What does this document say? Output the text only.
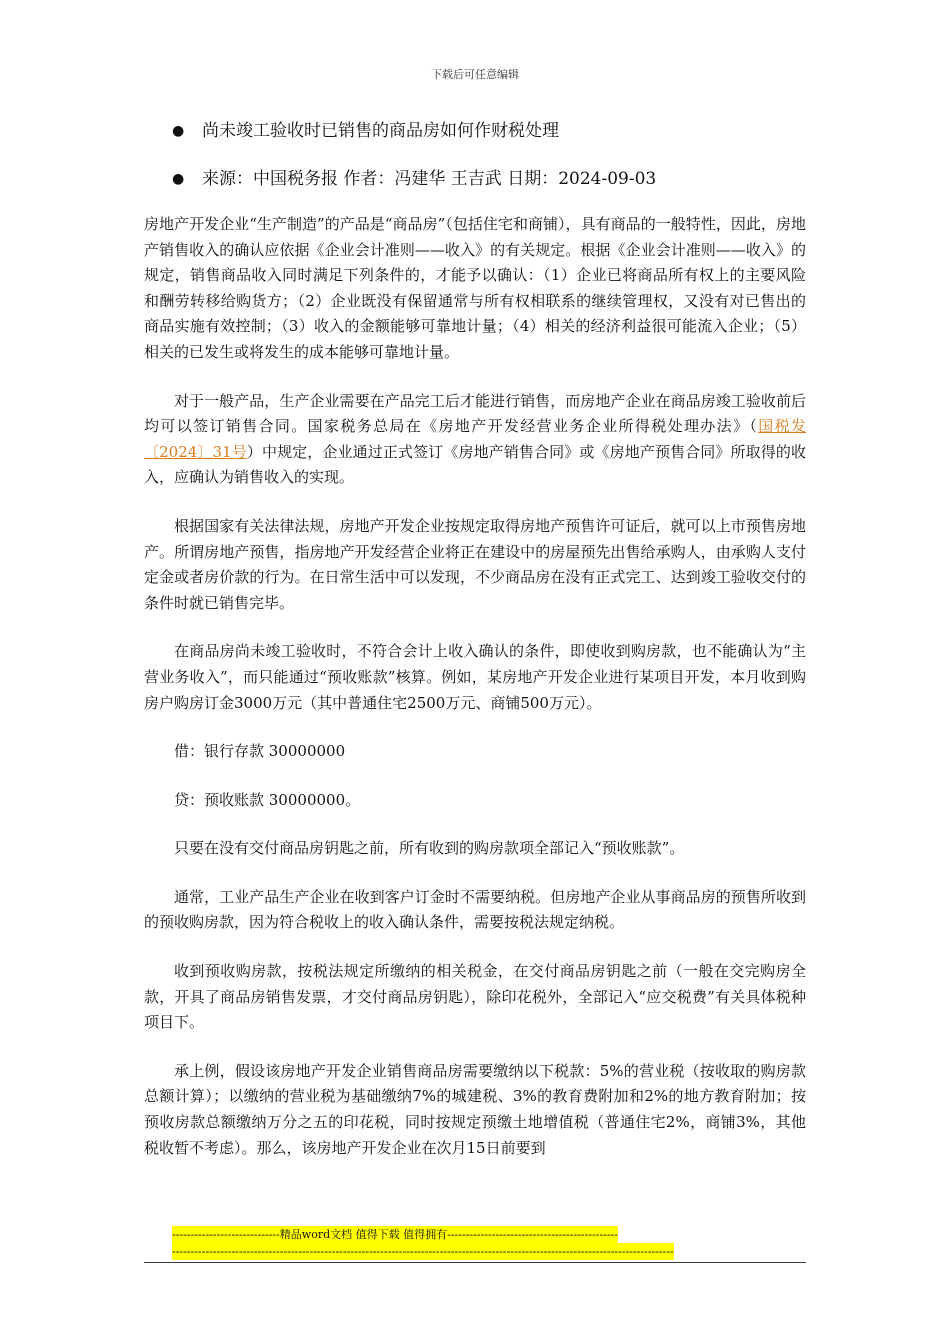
下载后可任意编辑
● 尚未竣工验收时已销售的商品房如何作财税处理
● 来源：中国税务报 作者：冯建华 王吉武 日期：2024-09-03

房地产开发企业“生产制造”的产品是“商品房”（包括住宅和商铺），具有商品的一般特性，因此，房地产销售收入的确认应依据《企业会计准则——收入》的有关规定。根据《企业会计准则——收入》的规定，销售商品收入同时满足下列条件的，才能予以确认：（1）企业已将商品所有权上的主要风险和酬劳转移给购货方；（2）企业既没有保留通常与所有权相联系的继续管理权，又没有对已售出的商品实施有效控制；（3）收入的金额能够可靠地计量；（4）相关的经济利益很可能流入企业；（5）相关的已发生或将发生的成本能够可靠地计量。

对于一般产品，生产企业需要在产品完工后才能进行销售，而房地产企业在商品房竣工验收前后均可以签订销售合同。国家税务总局在《房地产开发经营业务企业所得税处理办法》（国税发〔2024〕31号）中规定，企业通过正式签订《房地产销售合同》或《房地产预售合同》所取得的收入，应确认为销售收入的实现。

根据国家有关法律法规，房地产开发企业按规定取得房地产预售许可证后，就可以上市预售房地产。所谓房地产预售，指房地产开发经营企业将正在建设中的房屋预先出售给承购人，由承购人支付定金或者房价款的行为。在日常生活中可以发现，不少商品房在没有正式完工、达到竣工验收交付的条件时就已销售完毕。

在商品房尚未竣工验收时，不符合会计上收入确认的条件，即使收到购房款，也不能确认为“主营业务收入”，而只能通过“预收账款”核算。例如，某房地产开发企业进行某项目开发，本月收到购房户购房订金3000万元（其中普通住宅2500万元、商铺500万元）。

借：银行存款 30000000

贷：预收账款 30000000。

只要在没有交付商品房钥匙之前，所有收到的购房款项全部记入“预收账款”。

通常，工业产品生产企业在收到客户订金时不需要纳税。但房地产企业从事商品房的预售所收到的预收购房款，因为符合税收上的收入确认条件，需要按税法规定纳税。

收到预收购房款，按税法规定所缴纳的相关税金，在交付商品房钥匙之前（一般在交完购房全款，开具了商品房销售发票，才交付商品房钥匙），除印花税外，全部记入“应交税费”有关具体税种项目下。

承上例，假设该房地产开发企业销售商品房需要缴纳以下税款：5%的营业税（按收取的购房款总额计算）；以缴纳的营业税为基础缴纳7%的城建税、3%的教育费附加和2%的地方教育附加；按预收房款总额缴纳万分之五的印花税，同时按规定预缴土地增值税（普通住宅2%，商铺3%，其他税收暂不考虑）。那么，该房地产开发企业在次月15日前要到

-----------------------------精品word文档 值得下载 值得拥有----------------------------------------------
---------------------------------------------------------------------------------------------------------------------------------------
